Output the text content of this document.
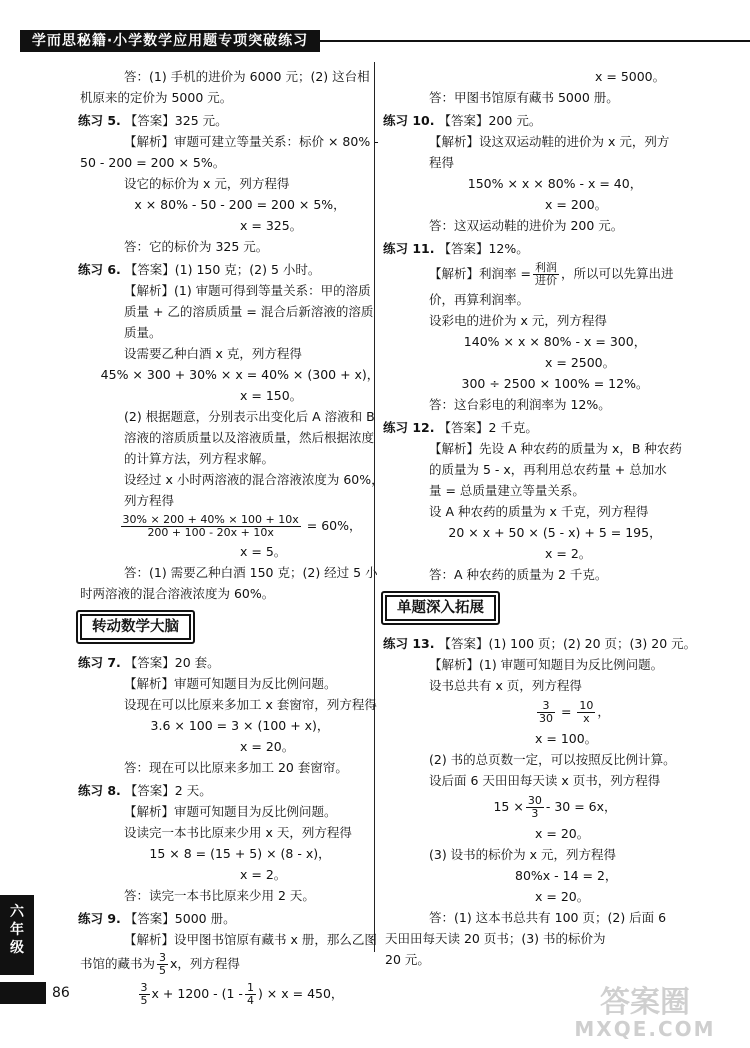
学而思秘籍·小学数学应用题专项突破练习

答：(1) 手机的进价为 6000 元；(2) 这台相

机原来的定价为 5000 元。

练习 5. 【答案】325 元。

【解析】审题可建立等量关系：标价 × 80% -

50 - 200 = 200 × 5%。

设它的标价为 x 元，列方程得

x × 80% - 50 - 200 = 200 × 5%，

x = 325。

答：它的标价为 325 元。

练习 6. 【答案】(1) 150 克；(2) 5 小时。

【解析】(1) 审题可得到等量关系：甲的溶质

质量 + 乙的溶质质量 = 混合后新溶液的溶质

质量。

设需要乙种白酒 x 克，列方程得

45% × 300 + 30% × x = 40% × (300 + x)，

x = 150。

(2) 根据题意，分别表示出变化后 A 溶液和 B

溶液的溶质质量以及溶液质量，然后根据浓度

的计算方法，列方程求解。

设经过 x 小时两溶液的混合溶液浓度为 60%，

列方程得

$\frac{30\% \times 200 + 40\% \times 100 + 10x}{200 + 100 - 20x + 10x} = 60\%$，

x = 5。

答：(1) 需要乙种白酒 150 克；(2) 经过 5 小

时两溶液的混合溶液浓度为 60%。

转动数学大脑

练习 7. 【答案】20 套。

【解析】审题可知题目为反比例问题。

设现在可以比原来多加工 x 套窗帘，列方程得

3.6 × 100 = 3 × (100 + x)，

x = 20。

答：现在可以比原来多加工 20 套窗帘。

练习 8. 【答案】2 天。

【解析】审题可知题目为反比例问题。

设读完一本书比原来少用 x 天，列方程得

15 × 8 = (15 + 5) × (8 - x)，

x = 2。

答：读完一本书比原来少用 2 天。

练习 9. 【答案】5000 册。

【解析】设甲图书馆原有藏书 x 册，那么乙图

书馆的藏书为 $\frac{3}{5}$ x，列方程得

$\frac{3}{5}$ $x + 1200 - (1 - \frac{1}{4}$ ) × x = 450，

x = 5000。

答：甲图书馆原有藏书 5000 册。

练习 10. 【答案】200 元。

【解析】设这双运动鞋的进价为 x 元，列方

程得

150% × x × 80% - x = 40，

x = 200。

答：这双运动鞋的进价为 200 元。

练习 11. 【答案】12%。

【解析】利润率 = $\frac{\text{利润}}{\text{进价}}$ ，所以可以先算出进

价，再算利润率。

设彩电的进价为 x 元，列方程得

140% × x × 80% - x = 300，

x = 2500。

300 ÷ 2500 × 100% = 12%。

答：这台彩电的利润率为 12%。

练习 12. 【答案】2 千克。

【解析】先设 A 种农药的质量为 x，B 种农药

的质量为 5 - x，再利用总农药量 + 总加水

量 = 总质量建立等量关系。

设 A 种农药的质量为 x 千克，列方程得

20 × x + 50 × (5 - x) + 5 = 195，

x = 2。

答：A 种农药的质量为 2 千克。

单题深入拓展

练习 13. 【答案】(1) 100 页；(2) 20 页；(3) 20 元。

【解析】(1) 审题可知题目为反比例问题。

设书总共有 x 页，列方程得

$\frac{3}{30} = \frac{10}{x}$ ，

x = 100。

(2) 书的总页数一定，可以按照反比例计算。

设后面 6 天田田每天读 x 页书，列方程得

$15 \times \frac{30}{3} - 30 = 6x$，

x = 20。

(3) 设书的标价为 x 元，列方程得

80%x - 14 = 2，

x = 20。

答：(1) 这本书总共有 100 页；(2) 后面 6

天田田每天读 20 页书；(3) 书的标价为

20 元。

六
年
级
86	答案圈
MXQE.COM
